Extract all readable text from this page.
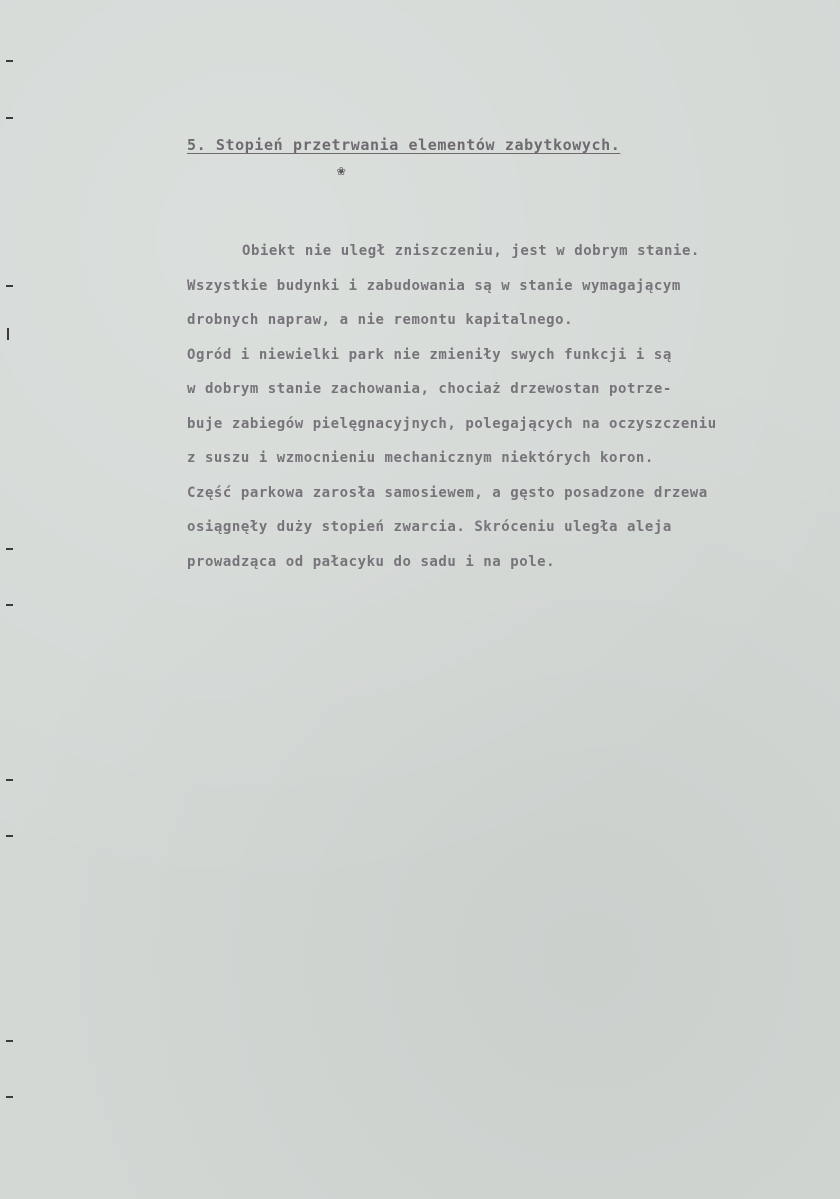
5. Stopień przetrwania elementów zabytkowych.
❀
Obiekt nie uległ zniszczeniu, jest w dobrym stanie.
Wszystkie budynki i zabudowania są w stanie wymagającym
drobnych napraw, a nie remontu kapitalnego.
Ogród i niewielki park nie zmieniły swych funkcji i są
w dobrym stanie zachowania, chociaż drzewostan potrze-
buje zabiegów pielęgnacyjnych, polegających na oczyszczeniu
z suszu i wzmocnieniu mechanicznym niektórych koron.
Część parkowa zarosła samosiewem, a gęsto posadzone drzewa
osiągnęły duży stopień zwarcia. Skróceniu uległa aleja
prowadząca od pałacyku do sadu i na pole.
